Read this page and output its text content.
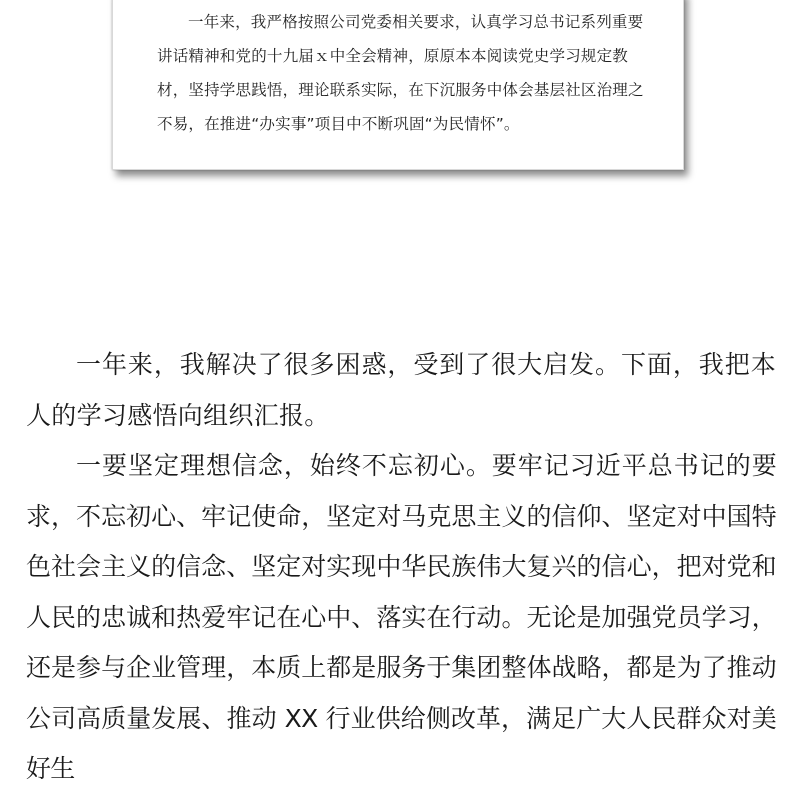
一年来，我严格按照公司党委相关要求，认真学习总书记系列重要讲话精神和党的十九届ｘ中全会精神，原原本本阅读党史学习规定教材，坚持学思践悟，理论联系实际，在下沉服务中体会基层社区治理之不易，在推进“办实事”项目中不断巩固“为民情怀”。

一年来，我解决了很多困惑，受到了很大启发。下面，我把本人的学习感悟向组织汇报。

一要坚定理想信念，始终不忘初心。要牢记习近平总书记的要求，不忘初心、牢记使命，坚定对马克思主义的信仰、坚定对中国特色社会主义的信念、坚定对实现中华民族伟大复兴的信心，把对党和人民的忠诚和热爱牢记在心中、落实在行动。无论是加强党员学习，还是参与企业管理，本质上都是服务于集团整体战略，都是为了推动公司高质量发展、推动 XX 行业供给侧改革，满足广大人民群众对美好生
